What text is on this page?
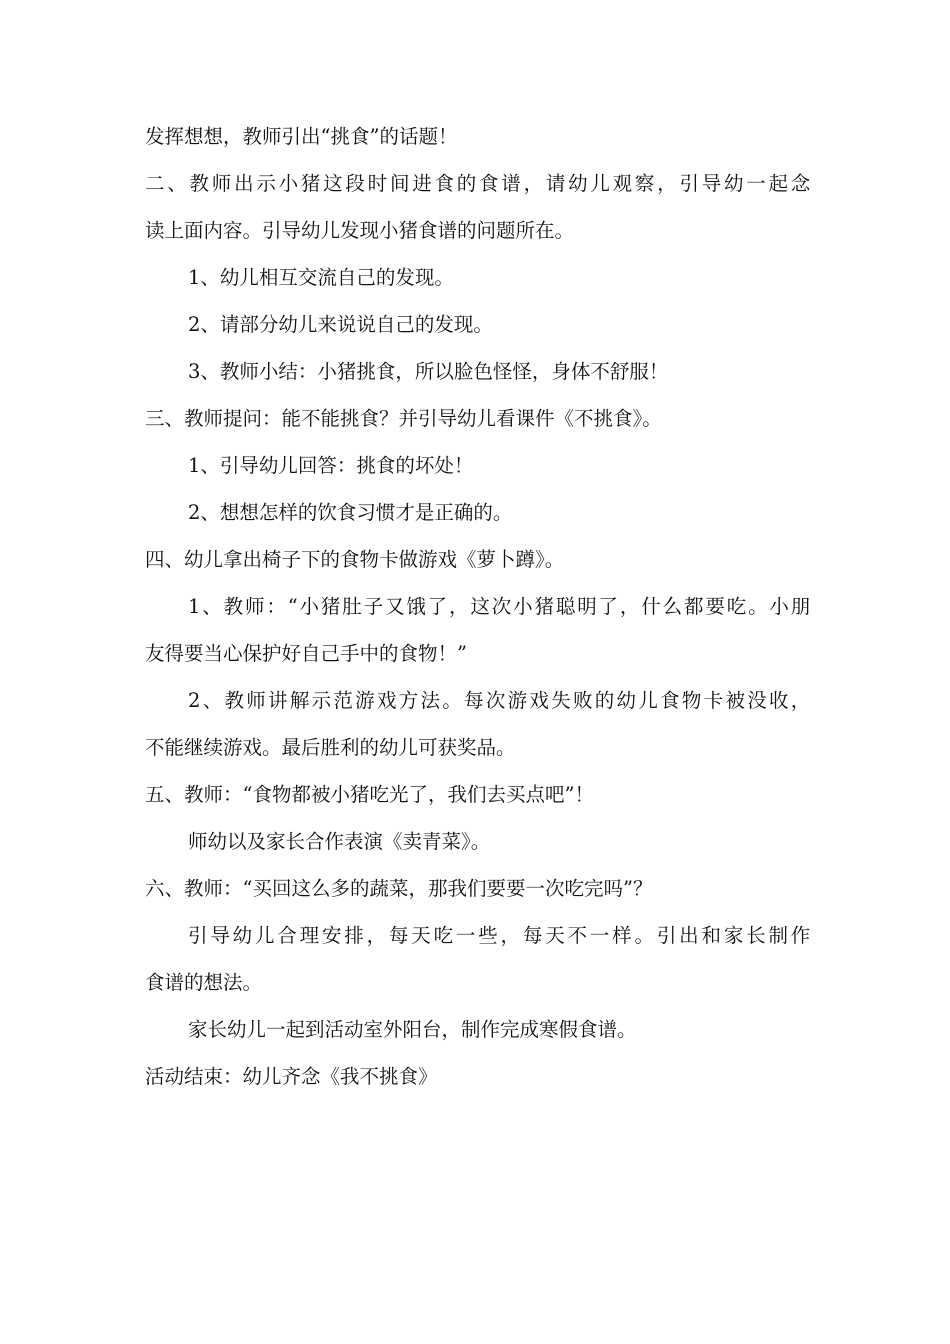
发挥想想，教师引出“挑食”的话题！
二、教师出示小猪这段时间进食的食谱，请幼儿观察，引导幼一起念
读上面内容。引导幼儿发现小猪食谱的问题所在。
1、幼儿相互交流自己的发现。
2、请部分幼儿来说说自己的发现。
3、教师小结：小猪挑食，所以脸色怪怪，身体不舒服！
三、教师提问：能不能挑食？并引导幼儿看课件《不挑食》。
1、引导幼儿回答：挑食的坏处！
2、想想怎样的饮食习惯才是正确的。
四、幼儿拿出椅子下的食物卡做游戏《萝卜蹲》。
1、教师：“小猪肚子又饿了，这次小猪聪明了，什么都要吃。小朋
友得要当心保护好自己手中的食物！”
2、教师讲解示范游戏方法。每次游戏失败的幼儿食物卡被没收，
不能继续游戏。最后胜利的幼儿可获奖品。
五、教师：“食物都被小猪吃光了，我们去买点吧”！
师幼以及家长合作表演《卖青菜》。
六、教师：“买回这么多的蔬菜，那我们要要一次吃完吗”？
引导幼儿合理安排，每天吃一些，每天不一样。引出和家长制作
食谱的想法。
家长幼儿一起到活动室外阳台，制作完成寒假食谱。
活动结束：幼儿齐念《我不挑食》
